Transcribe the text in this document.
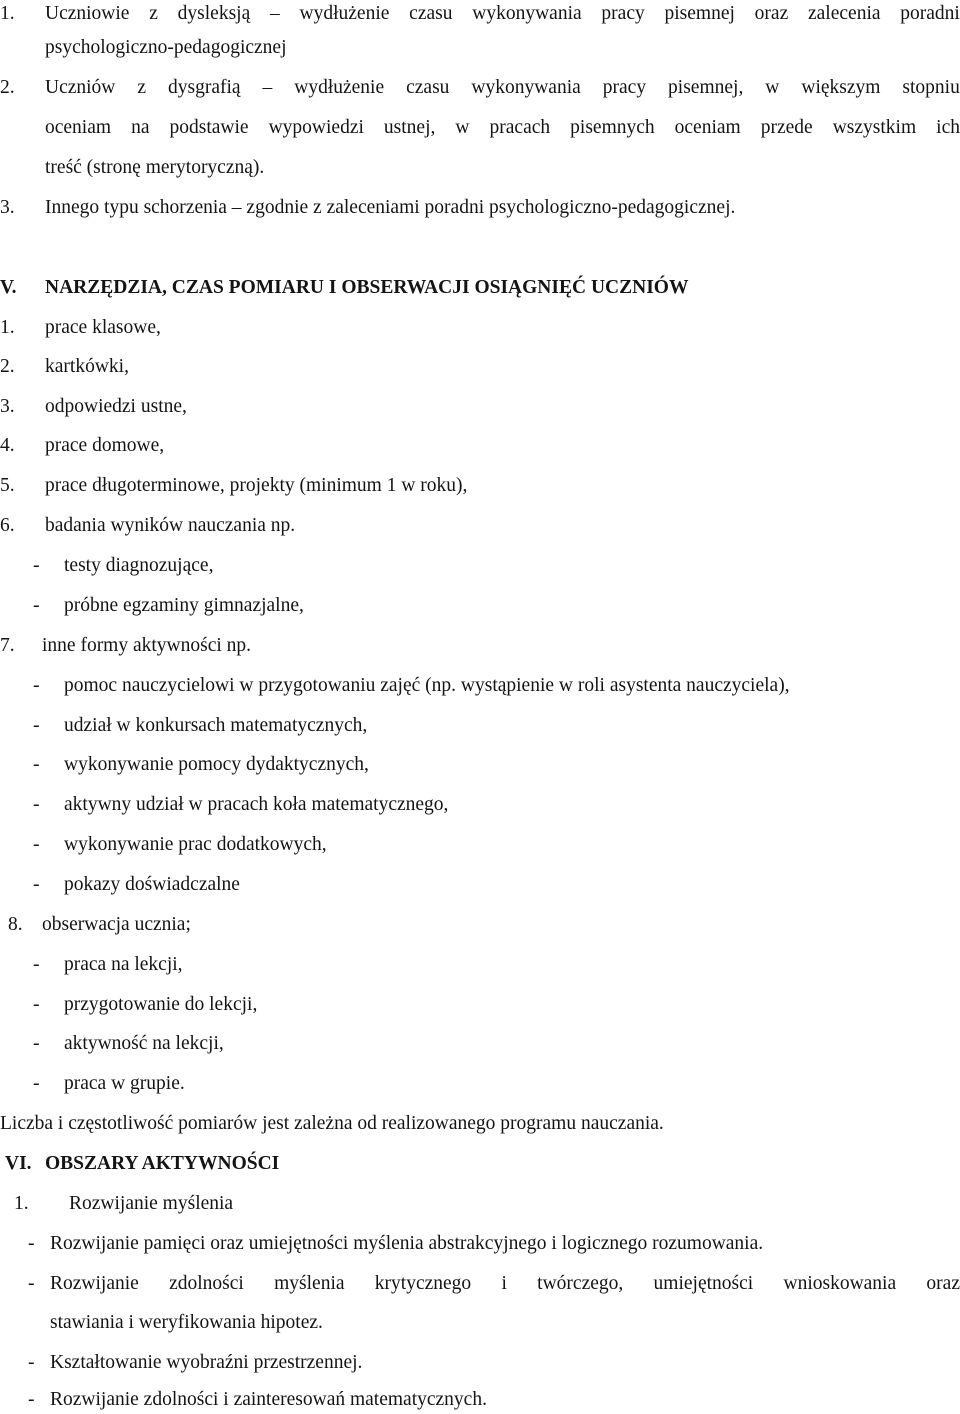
1. Uczniowie z dysleksją – wydłużenie czasu wykonywania pracy pisemnej oraz zalecenia poradni
psychologiczno-pedagogicznej
2. Uczniów z dysgrafią – wydłużenie czasu wykonywania pracy pisemnej, w większym stopniu
oceniam na podstawie wypowiedzi ustnej, w pracach pisemnych oceniam przede wszystkim ich
treść (stronę merytoryczną).
3. Innego typu schorzenia – zgodnie z zaleceniami poradni psychologiczno-pedagogicznej.
V. NARZĘDZIA, CZAS POMIARU I OBSERWACJI OSIĄGNIĘĆ UCZNIÓW
1. prace klasowe,
2. kartkówki,
3. odpowiedzi ustne,
4. prace domowe,
5. prace długoterminowe, projekty (minimum 1 w roku),
6. badania wyników nauczania np.
- testy diagnozujące,
- próbne egzaminy gimnazjalne,
7. inne formy aktywności np.
- pomoc nauczycielowi w przygotowaniu zajęć (np. wystąpienie w roli asystenta nauczyciela),
- udział w konkursach matematycznych,
- wykonywanie pomocy dydaktycznych,
- aktywny udział w pracach koła matematycznego,
- wykonywanie prac dodatkowych,
- pokazy doświadczalne
8. obserwacja ucznia;
- praca na lekcji,
- przygotowanie do lekcji,
- aktywność na lekcji,
- praca w grupie.
Liczba i częstotliwość pomiarów jest zależna od realizowanego programu nauczania.
VI. OBSZARY AKTYWNOŚCI
1. Rozwijanie myślenia
- Rozwijanie pamięci oraz umiejętności myślenia abstrakcyjnego i logicznego rozumowania.
- Rozwijanie zdolności myślenia krytycznego i twórczego, umiejętności wnioskowania oraz
stawiania i weryfikowania hipotez.
- Kształtowanie wyobraźni przestrzennej.
- Rozwijanie zdolności i zainteresowań matematycznych.
